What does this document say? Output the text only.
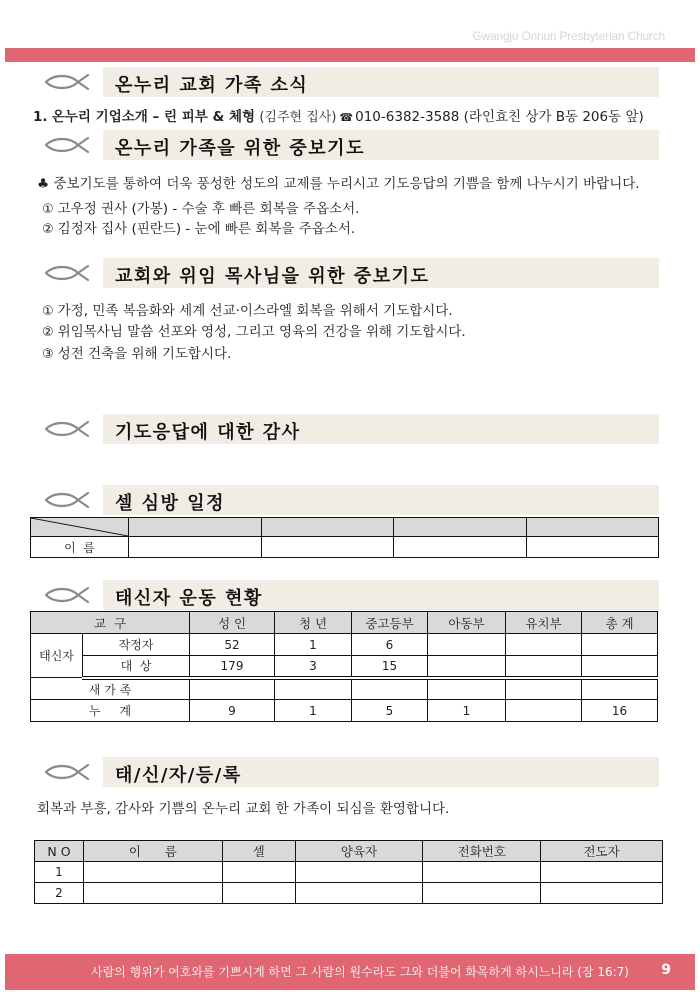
Gwangju Onnuri Presbyterian Church
온누리 교회 가족 소식
1. 온누리 기업소개 – 린 피부 & 체형 (김주현 집사) ☎ 010-6382-3588 (라인효친 상가 B동 206동 앞)
온누리 가족을 위한 중보기도
♣ 중보기도를 통하여 더욱 풍성한 성도의 교제를 누리시고 기도응답의 기쁨을 함께 나누시기 바랍니다.
① 고우정 권사 (가봉) - 수술 후 빠른 회복을 주옵소서.
② 김정자 집사 (핀란드) - 눈에 빠른 회복을 주옵소서.
교회와 위임 목사님을 위한 중보기도
① 가정, 민족 복음화와 세계 선교·이스라엘 회복을 위해서 기도합시다.
② 위임목사님 말씀 선포와 영성, 그리고 영육의 건강을 위해 기도합시다.
③ 성전 건축을 위해 기도합시다.
기도응답에 대한 감사
셀 심방 일정

이  름				
태신자 운동 현황
교  구		성 인	청 년	중고등부	아동부	유치부	총 계
태신자	작정자	52	1	6			
	대  상	179	3	15			
새 가 족							
누     계		9	1	5	1		16
태/신/자/등/록
회복과 부흥, 감사와 기쁨의 온누리 교회 한 가족이 되심을 환영합니다.
N O	이      름	셀	양육자	전화번호	전도자
1					
2					
사람의 행위가 여호와를 기쁘시게 하면 그 사람의 원수라도 그와 더불어 화목하게 하시느니라 (잠 16:7) 9
